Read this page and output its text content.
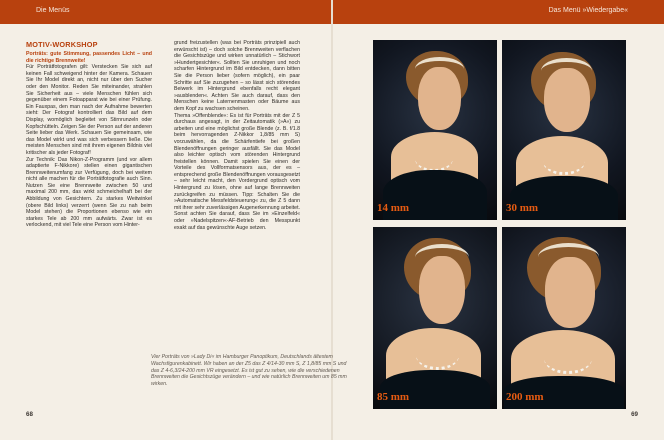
Die Menüs	Das Menü »Wiedergabe«
MOTIV-WORKSHOP

Porträts: gute Stimmung, passendes Licht – und die richtige Brennweite!

Für Porträtfotografen gilt: Verstecken Sie sich auf keinen Fall schweigend hinter der Kamera. Schauen Sie Ihr Model direkt an, nicht nur über den Sucher oder den Monitor. Reden Sie miteinander, strahlen Sie Sicherheit aus – viele Menschen fühlen sich gegenüber einem Fotoapparat wie bei einer Prüfung. Ein Fauxpas, den man nach der Aufnahme bewerten sieht: Der Fotograf kontrolliert das Bild auf dem Display, womöglich begleitet von Stirnrunzeln oder Kopfschütteln. Zeigen Sie der Person auf der anderen Seite lieber das Werk. Schauen Sie gemeinsam, wie das Model wirkt und was sich verbessern ließe. Die meisten Menschen sind mit ihrem eigenen Bildnis viel kritischer als jeder Fotograf!

Zur Technik: Das Nikon-Z-Programm (und vor allem adaptierte F-Nikkore) stellen einen gigantischen Brennweitenumfang zur Verfügung, doch bei weitem nicht alle machen für die Porträtfotografie auch Sinn. Nutzen Sie eine Brennweite zwischen 50 und maximal 200 mm, das wirkt schmeichelhaft bei der Abbildung von Gesichtern. Zu starkes Weitwinkel (obere Bild links) verzerrt (wenn Sie zu nah beim Model stehen) die Proportionen ebenso wie ein starkes Tele ab 200 mm aufwärts. Zwar ist es verlockend, mit viel Tele eine Person vom Hinter-

grund freizustellen (was bei Porträts prinzipiell auch erwünscht ist) – doch solche Brennweiten verflachen die Gesichtszüge und wirken unnatürlich – Stichwort »Hundertgesichter«. Sollten Sie unruhigen und noch scharfen Hintergrund im Bild entdecken, dann bitten Sie die Person lieber (sofern möglich), ein paar Schritte auf Sie zuzugehen – so lässt sich störendes Beiwerk im Hintergrund ebenfalls recht elegant »ausblenden«. Achten Sie auch darauf, dass den Menschen keine Laternenmasten oder Bäume aus dem Kopf zu wachsen scheinen.

Thema »Offenblende«: Es ist für Porträts mit der Z 5 durchaus angesagt, in der Zeitautomatik (»A«) zu arbeiten und eine möglichst große Blende (z. B. f/1.8 beim hervorragenden Z-Nikkor 1,8/85 mm S) vorzuwählen, da die Schärfentiefe bei großen Blendenöffnungen geringer ausfällt. Sie das Model also leichter optisch vom störenden Hintergrund freistellen können. Damit spielen Sie einen der Vorteile des Vollformatsensors aus, der es – entsprechend große Blendenöffnungen vorausgesetzt – sehr leicht macht, den Vordergrund optisch vom Hintergrund zu lösen, ohne auf lange Brennweiten zurückgreifen zu müssen. Tipp: Schalten Sie die »Automatische Messfeldsteuerung« zu, die Z 5 dann mit ihrer sehr zuverlässigen Augenerkennung arbeitet. Sonst achten Sie darauf, dass Sie im »Einzelfeld« oder »Nadelspitzen«-AF-Betrieb den Messpunkt exakt auf das gewünschte Auge setzen.

14 mm	30 mm
85 mm	200 mm
Vier Porträts von »Lady Di« im Hamburger Panoptikum, Deutschlands ältestem Wachsfigurenkabinett. Wir haben an der Z5 das Z 4/14-30 mm S, Z 1,8/85 mm S und das Z 4-6,3/24-200 mm VR eingesetzt. Es ist gut zu sehen, wie die verschiedenen Brennweiten die Gesichtszüge verändern – und wie natürlich Brennweiten um 85 mm wirken.
68	69
